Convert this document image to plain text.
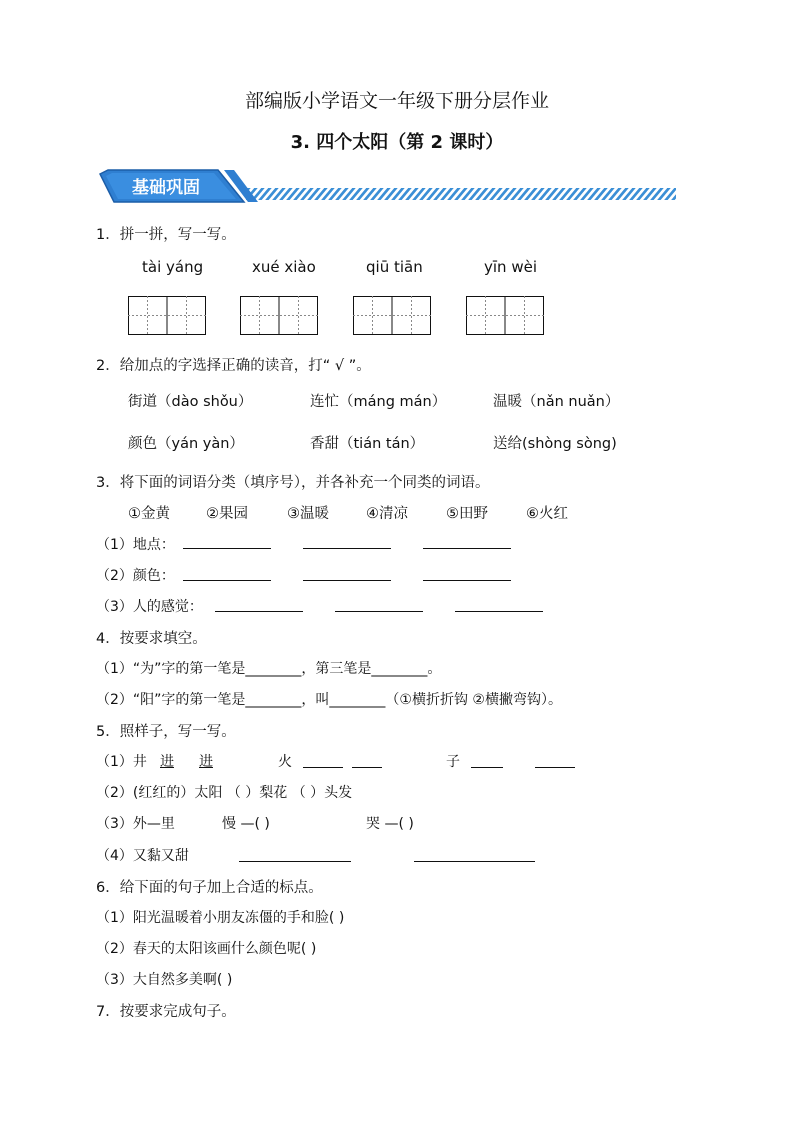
部编版小学语文一年级下册分层作业
3. 四个太阳（第 2 课时）
基础巩固
1．拼一拼，写一写。
tài yáng	xué xiào	qiū tiān	yīn wèi
2．给加点的字选择正确的读音，打“ √ ”。
街道（dào shǒu）	连忙（máng mán）	温暖（nǎn nuǎn）
颜色（yán yàn）	香甜（tián tán）	送给(shòng sòng)
3．将下面的词语分类（填序号），并各补充一个同类的词语。
①金黄 ②果园	③温暖	④清凉	⑤田野	⑥火红
（1）地点：
（2）颜色：
（3）人的感觉：
4．按要求填空。
（1）“为”字的第一笔是________，第三笔是________。
（2）“阳”字的第一笔是________，叫________（①横折折钩 ②横撇弯钩）。
5．照样子，写一写。
（1）井 进 进	火	子
（2）(红红的）太阳 （ ）梨花 （ ）头发
（3）外—里	慢 —( )	哭 —( )
（4）又黏又甜
6．给下面的句子加上合适的标点。
（1）阳光温暖着小朋友冻僵的手和脸( )
（2）春天的太阳该画什么颜色呢( )
（3）大自然多美啊( )
7．按要求完成句子。
